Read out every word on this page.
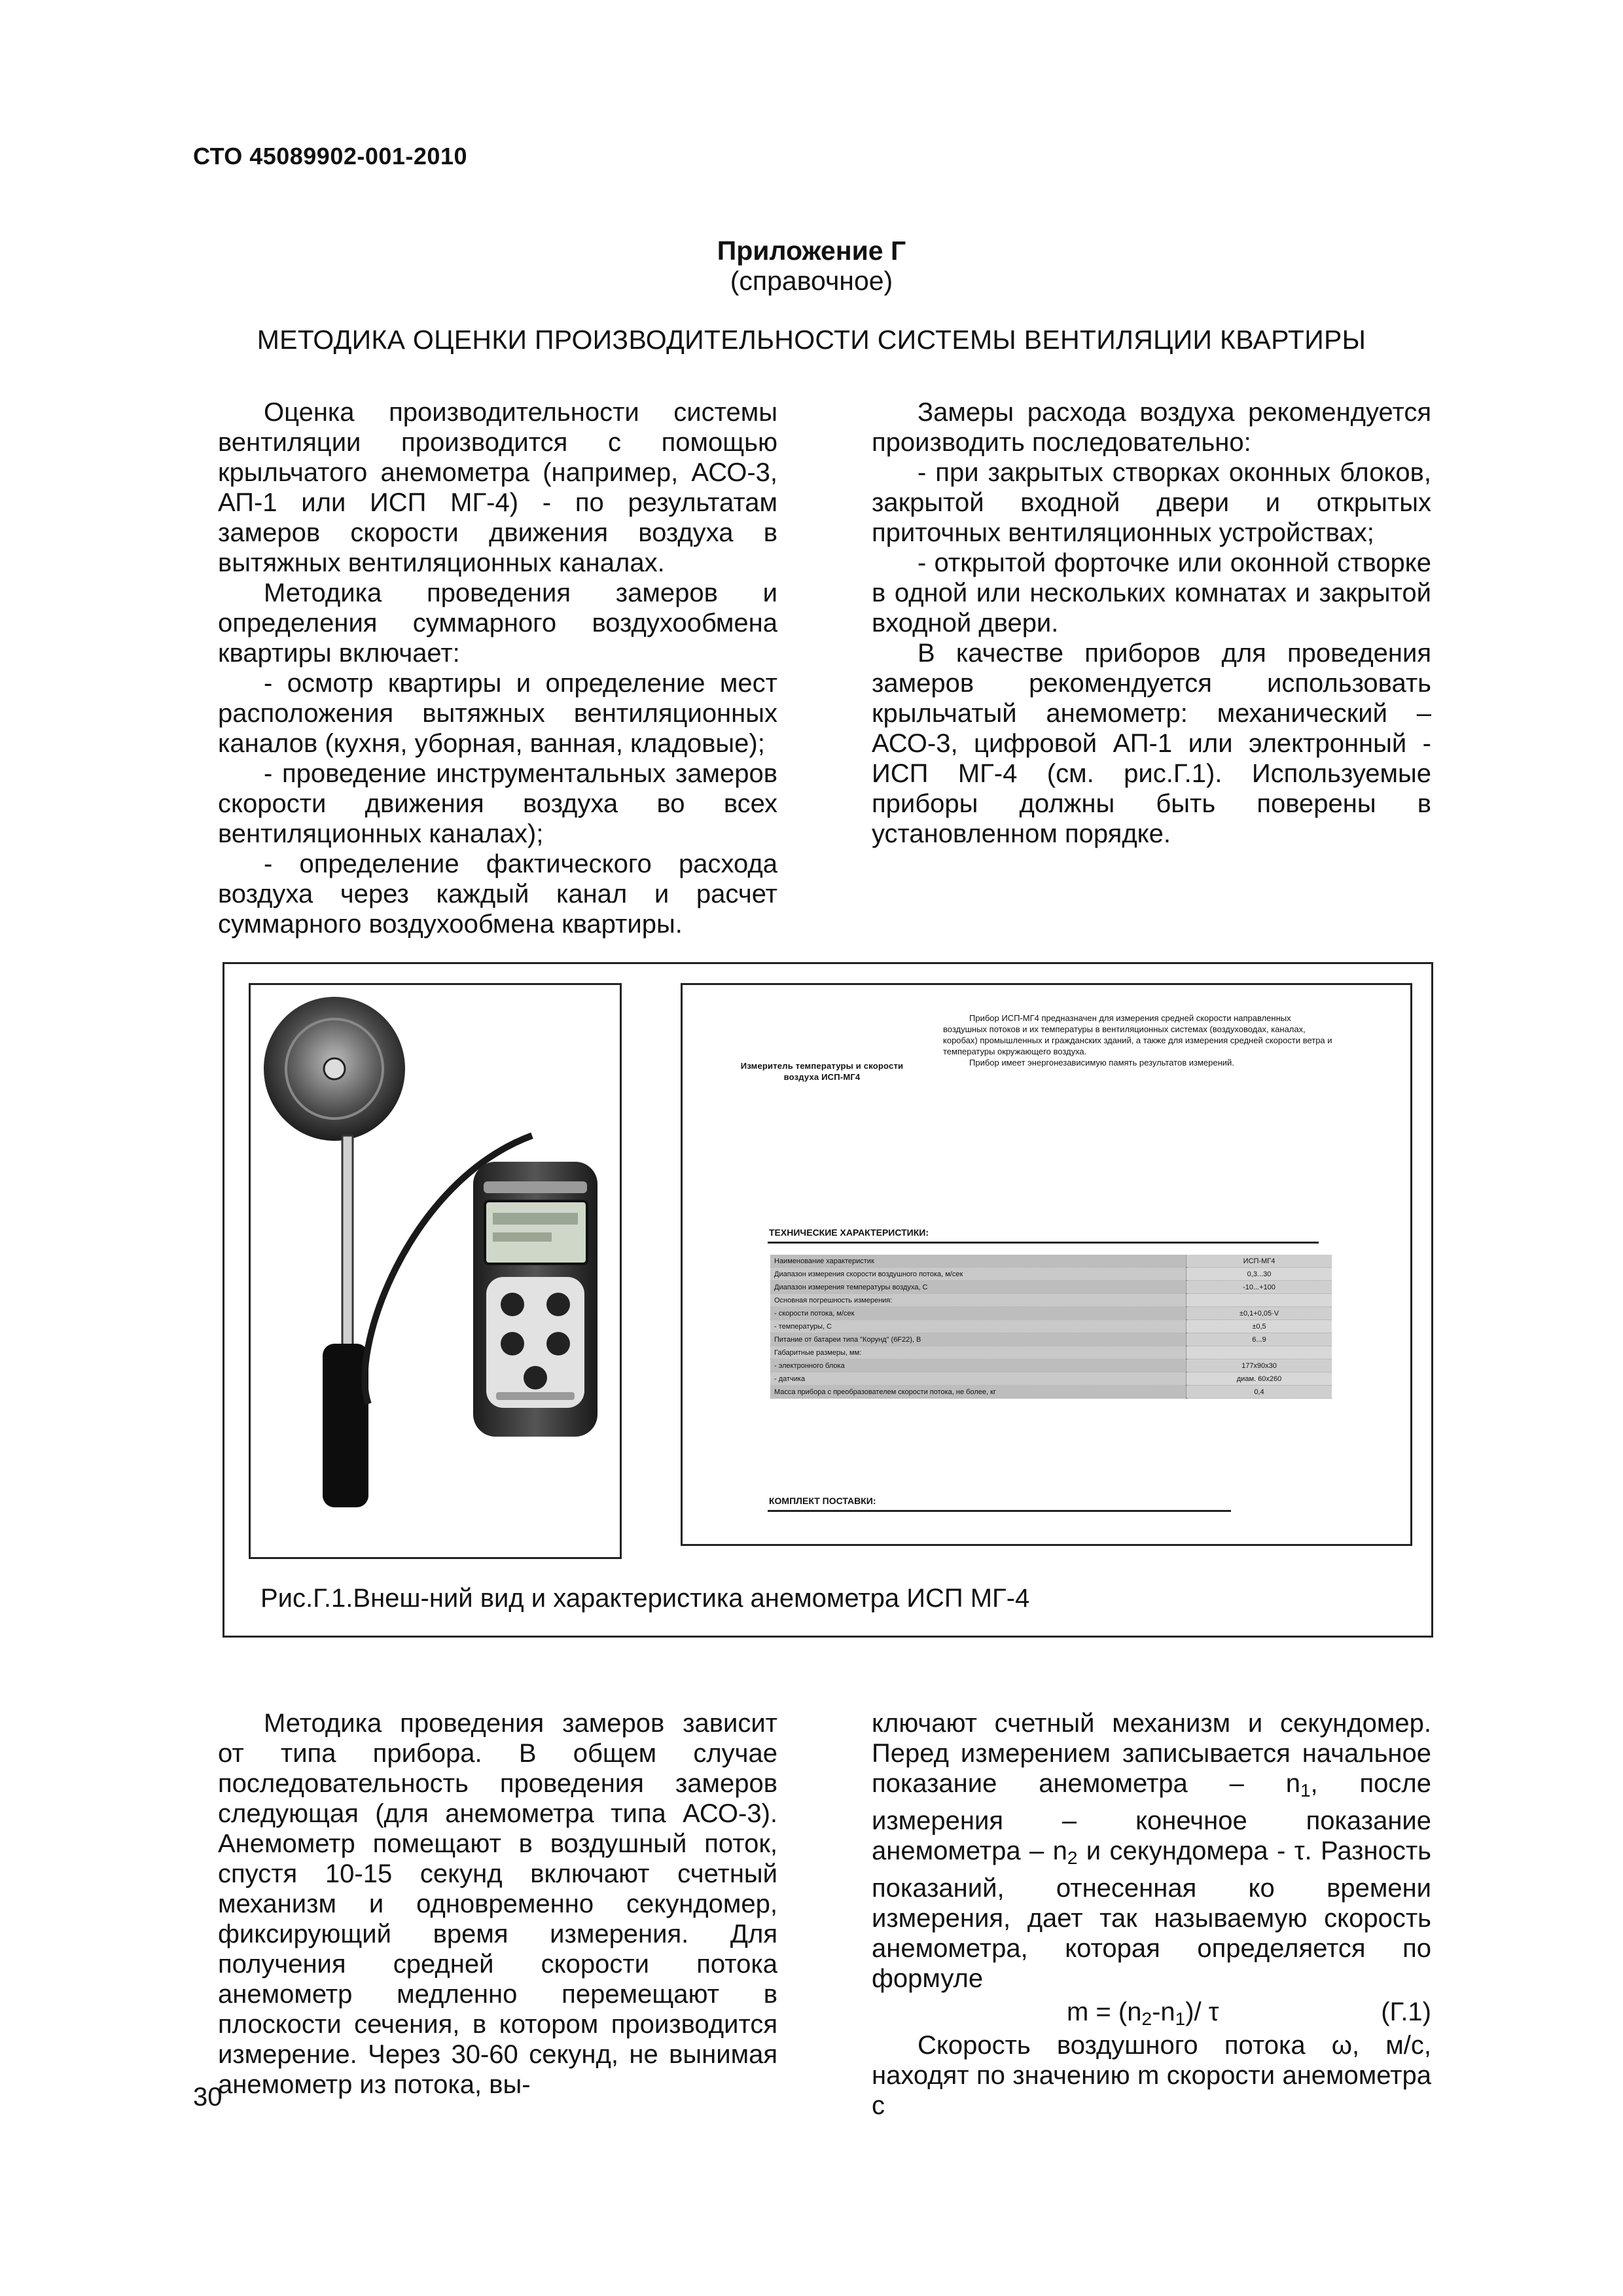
СТО 45089902-001-2010
Приложение Г
(справочное)
МЕТОДИКА ОЦЕНКИ ПРОИЗВОДИТЕЛЬНОСТИ СИСТЕМЫ ВЕНТИЛЯЦИИ КВАРТИРЫ

Оценка производительности системы вентиляции производится с помощью крыльчатого анемометра (например, АСО-3, АП-1 или ИСП МГ-4) - по результатам замеров скорости движения воздуха в вытяжных вентиляционных каналах.

Методика проведения замеров и определения суммарного воздухообмена квартиры включает:

- осмотр квартиры и определение мест расположения вытяжных вентиляционных каналов (кухня, уборная, ванная, кладовые);

- проведение инструментальных замеров скорости движения воздуха во всех вентиляционных каналах);

- определение фактического расхода воздуха через каждый канал и расчет суммарного воздухообмена квартиры.

Замеры расхода воздуха рекомендуется производить последовательно:

- при закрытых створках оконных блоков, закрытой входной двери и открытых приточных вентиляционных устройствах;

- открытой форточке или оконной створке в одной или нескольких комнатах и закрытой входной двери.

В качестве приборов для проведения замеров рекомендуется использовать крыльчатый анемометр: механический – АСО-3, цифровой АП-1 или электронный - ИСП МГ-4 (см. рис.Г.1). Используемые приборы должны быть поверены в установленном порядке.

Измеритель температуры и скорости воздуха ИСП-МГ4

Прибор ИСП-МГ4 предназначен для измерения средней скорости направленных воздушных потоков и их температуры в вентиляционных системах (воздуховодах, каналах, коробах) промышленных и гражданских зданий, а также для измерения средней скорости ветра и температуры окружающего воздуха.

Прибор имеет энергонезависимую память результатов измерений.

ТЕХНИЧЕСКИЕ ХАРАКТЕРИСТИКИ:
Наименование характеристик	ИСП-МГ4
Диапазон измерения скорости воздушного потока, м/сек	0,3...30
Диапазон измерения температуры воздуха, С	-10...+100
Основная погрешность измерения:	
- скорости потока, м/сек	±0,1+0,05·V
- температуры, С	±0,5
Питание от батареи типа "Корунд" (6F22), В	6...9
Габаритные размеры, мм:	
- электронного блока	177х90х30
- датчика	диам. 60х260
Масса прибора с преобразователем скорости потока, не более, кг	0,4
КОМПЛЕКТ ПОСТАВКИ:
Рис.Г.1.Внеш-ний вид и характеристика анемометра ИСП МГ-4

Методика проведения замеров зависит от типа прибора. В общем случае последовательность проведения замеров следующая (для анемометра типа АСО-3). Анемометр помещают в воздушный поток, спустя 10-15 секунд включают счетный механизм и одновременно секундомер, фиксирующий время измерения. Для получения средней скорости потока анемометр медленно перемещают в плоскости сечения, в котором производится измерение. Через 30-60 секунд, не вынимая анемометр из потока, вы-

ключают счетный механизм и секундомер. Перед измерением записывается начальное показание анемометра – $n_1$, после измерения – конечное показание анемометра – $n_2$ и секундомера - τ. Разность показаний, отнесенная ко времени измерения, дает так называемую скорость анемометра, которая определяется по формуле

$m = (n_2-n_1)/$ τ	(Г.1)

Скорость воздушного потока ω, м/с, находят по значению m скорости анемометра с

30
